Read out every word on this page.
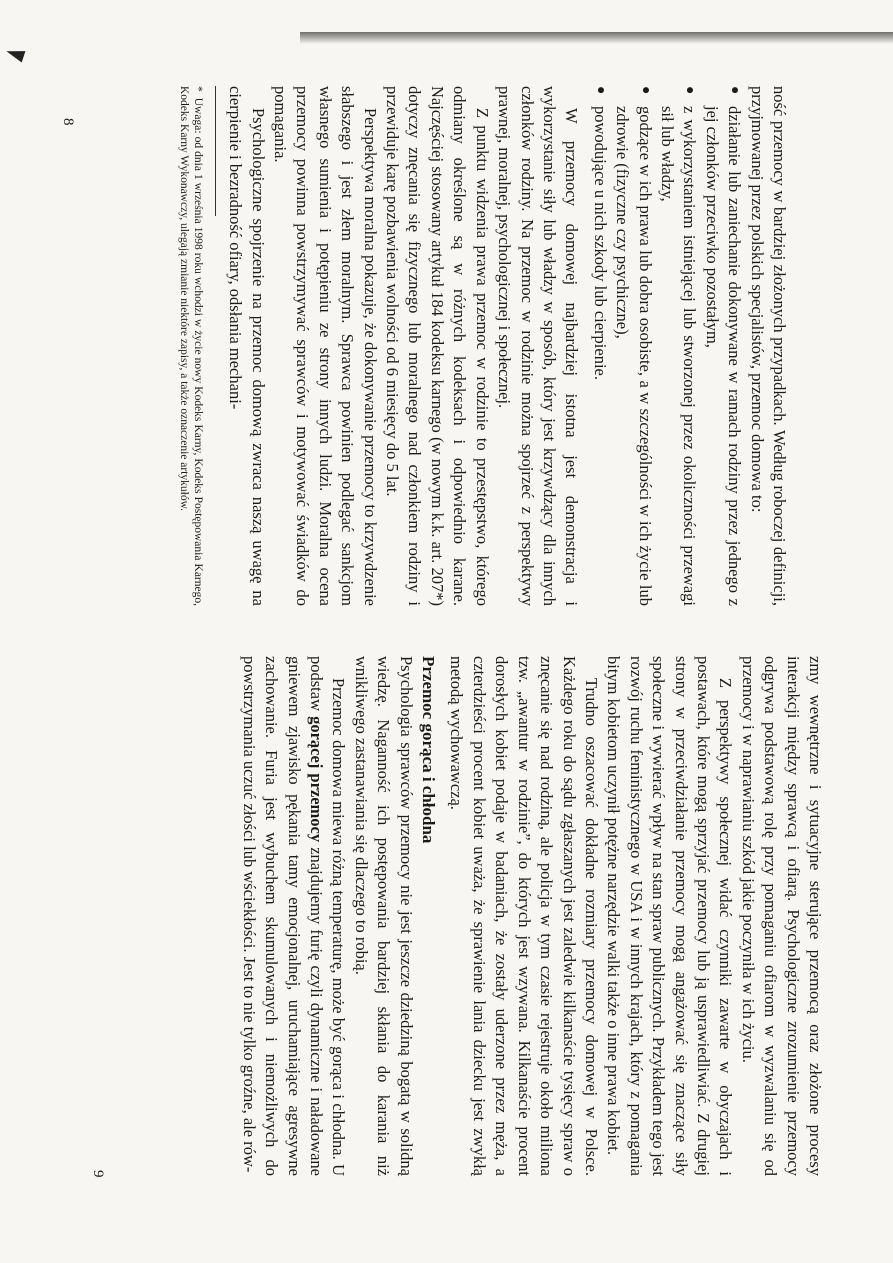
8
9

ność przemocy w bardziej złożonych przypadkach. Według roboczej definicji, przyjmowanej przez polskich specjalistów, przemoc domowa to:

● działanie lub zaniechanie dokonywane w ramach rodziny przez jednego z jej członków przeciwko pozostałym,
● z wykorzystaniem istniejącej lub stworzonej przez okoliczności przewagi sił lub władzy,
● godzące w ich prawa lub dobra osobiste, a w szczególności w ich życie lub zdrowie (fizyczne czy psychiczne),
● powodujące u nich szkody lub cierpienie.

W przemocy domowej najbardziej istotna jest demonstracja i wykorzystanie siły lub władzy w sposób, który jest krzywdzący dla innych członków rodziny. Na przemoc w rodzinie można spojrzeć z perspektywy prawnej, moralnej, psychologicznej i społecznej.

Z punktu widzenia prawa przemoc w rodzinie to przestępstwo, którego odmiany określone są w różnych kodeksach i odpowiednio karane. Najczęściej stosowany artykuł 184 kodeksu karnego (w nowym k.k. art. 207*) dotyczy znęcania się fizycznego lub moralnego nad członkiem rodziny i przewiduje karę pozbawienia wolności od 6 miesięcy do 5 lat.

Perspektywa moralna pokazuje, że dokonywanie przemocy to krzywdzenie słabszego i jest złem moralnym. Sprawca powinien podlegać sankcjom własnego sumienia i potępieniu ze strony innych ludzi. Moralna ocena przemocy powinna powstrzymywać sprawców i motywować świadków do pomagania.

Psychologiczne spojrzenie na przemoc domową zwraca naszą uwagę na cierpienie i bezradność ofiary, odsłania mechani-

*Uwaga: od dnia 1 września 1998 roku wchodzi w życie nowy Kodeks Karny, Kodeks Postępowania Karnego, Kodeks Karny Wykonawczy, ulegają zmianie niektóre zapisy, a także oznaczenie artykułów.

zmy wewnętrzne i sytuacyjne sterujące przemocą oraz złożone procesy interakcji między sprawcą i ofiarą. Psychologiczne zrozumienie przemocy odgrywa podstawową rolę przy pomaganiu ofiarom w wyzwalaniu się od przemocy i w naprawianiu szkód jakie poczyniła w ich życiu.

Z perspektywy społecznej widać czynniki zawarte w obyczajach i postawach, które mogą sprzyjać przemocy lub ją usprawiedliwiać. Z drugiej strony w przeciwdziałanie przemocy mogą angażować się znaczące siły społeczne i wywierać wpływ na stan spraw publicznych. Przykładem tego jest rozwój ruchu feministycznego w USA i w innych krajach, który z pomagania bitym kobietom uczynił potężne narzędzie walki także o inne prawa kobiet.

Trudno oszacować dokładne rozmiary przemocy domowej w Polsce. Każdego roku do sądu zgłaszanych jest zaledwie kilkanaście tysięcy spraw o znęcanie się nad rodziną, ale policja w tym czasie rejestruje około miliona tzw. „awantur w rodzinie”, do których jest wzywana. Kilkanaście procent dorosłych kobiet podaje w badaniach, że zostały uderzone przez męża, a czterdzieści procent kobiet uważa, że sprawienie lania dziecku jest zwykłą metodą wychowawczą.

Przemoc gorąca i chłodna

Psychologia sprawców przemocy nie jest jeszcze dziedziną bogatą w solidną wiedzę. Naganność ich postępowania bardziej skłania do karania niż wnikliwego zastanawiania się dlaczego to robią.

Przemoc domowa miewa różną temperaturę, może być gorąca i chłodna. U podstaw gorącej przemocy znajdujemy furię czyli dynamiczne i naładowane gniewem zjawisko pękania tamy emocjonalnej, uruchamiające agresywne zachowanie. Furia jest wybuchem skumulowanych i niemożliwych do powstrzymania uczuć złości lub wściekłości. Jest to nie tylko groźne, ale rów-
